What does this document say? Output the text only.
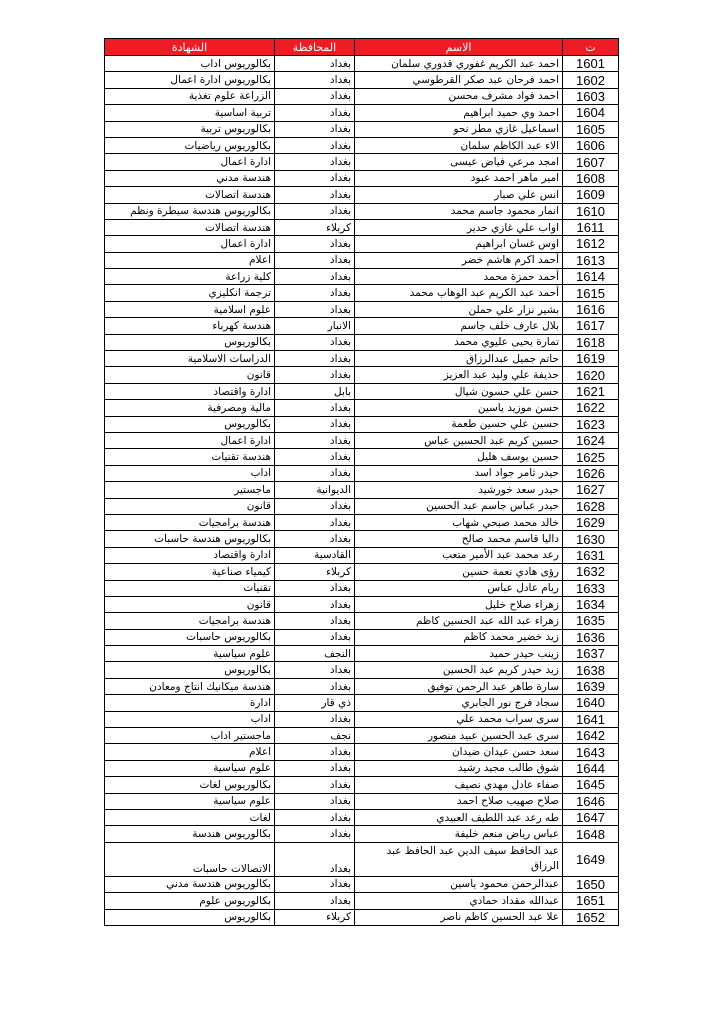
ت	الاسم	المحافظة	الشهادة
1601	احمد عبد الكريم غفوري قدوري سلمان	بغداد	بكالوريوس اداب
1602	احمد فرحان عبد صكر القرطوسي	بغداد	بكالوريوس ادارة اعمال
1603	احمد فواد مشرف محسن	بغداد	الزراعة علوم تغذية
1604	احمد وي حميد ابراهيم	بغداد	تربية اساسية
1605	اسماعيل غازي مطر نحو	بغداد	بكالوريوس تربية
1606	الاء عبد الكاظم سلمان	بغداد	بكالوريوس رياضيات
1607	امجد مرعي فياض عيسى	بغداد	ادارة اعمال
1608	امير ماهر احمد عبود	بغداد	هندسة مدني
1609	انس علي صبار	بغداد	هندسة اتصالات
1610	انمار محمود جاسم محمد	بغداد	بكالوريوس هندسة سيطرة ونظم
1611	اواب علي غازي حدير	كربلاء	هندسة اتصالات
1612	اوس غسان ابراهيم	بغداد	ادارة اعمال
1613	أحمد اكرم هاشم خضر	بغداد	اعلام
1614	أحمد حمزة محمد	بغداد	كلية زراعة
1615	أحمد عبد الكريم عبد الوهاب محمد	بغداد	ترجمة انكليزي
1616	بشير نزار علي حملن	بغداد	علوم اسلامية
1617	بلال عارف خلف جاسم	الانبار	هندسة كهرباء
1618	تمارة يحيى عليوي محمد	بغداد	بكالوريوس
1619	حاتم جميل عبدالرزاق	بغداد	الدراسات الاسلامية
1620	حذيفة علي وليد عبد العزيز	بغداد	قانون
1621	حسن علي حسون شيال	بابل	ادارة واقتصاد
1622	حسن موزيد ياسين	بغداد	مالية ومصرفية
1623	حسين علي حسين طعمة	بغداد	بكالوريوس
1624	حسين كريم عبد الحسين عباس	بغداد	ادارة اعمال
1625	حسين يوسف هليل	بغداد	هندسة تقنيات
1626	حيدر ثامر جواد اسد	بغداد	اداب
1627	حيدر سعد خورشيد	الديوانية	ماجستير
1628	حيدر عباس جاسم عبد الحسين	بغداد	قانون
1629	خالد محمد صبحي شهاب	بغداد	هندسة برامجيات
1630	داليا قاسم محمد صالح	بغداد	بكالوريوس هندسة حاسبات
1631	رعد محمد عبد الأمير متعب	القادسية	ادارة واقتصاد
1632	رؤى هادي نعمة حسين	كربلاء	كيمياء صناعية
1633	ريام عادل عباس	بغداد	تقنيات
1634	زهراء صلاح خليل	بغداد	قانون
1635	زهراء عبد الله عبد الحسين كاظم	بغداد	هندسة برامجيات
1636	زيد خضير محمد كاظم	بغداد	بكالوريوس حاسبات
1637	زينب حيدر حميد	النجف	علوم سياسية
1638	زيد حيدر كريم عبد الحسين	بغداد	بكالوريوس
1639	سارة طاهر عبد الرحمن توفيق	بغداد	هندسة ميكانيك انتاج ومعادن
1640	سجاد فرج نور الجابري	ذي قار	ادارة
1641	سرى سراب محمد علي	بغداد	اداب
1642	سرى عبد الحسين عبيد منصور	نجف	ماجستير اداب
1643	سعد حسن عيدان ضيدان	بغداد	اعلام
1644	شوق طالب مجيد رشيد	بغداد	علوم سياسية
1645	صفاء عادل مهدي نصيف	بغداد	بكالوريوس لغات
1646	صلاح صهيب صلاح احمد	بغداد	علوم سياسية
1647	طه رعد عبد اللطيف العبيدي	بغداد	لغات
1648	عباس رياض منعم خليفة	بغداد	بكالوريوس هندسة
1649	عبد الحافظ سيف الدين عبد الحافظ عبد الرزاق	بغداد	الاتصالات حاسبات
1650	عبدالرحمن محمود ياسين	بغداد	بكالوريوس هندسة مدني
1651	عبدالله مقداد حمادي	بغداد	بكالوريوس علوم
1652	علا عبد الحسين كاظم ناصر	كربلاء	بكالوريوس
